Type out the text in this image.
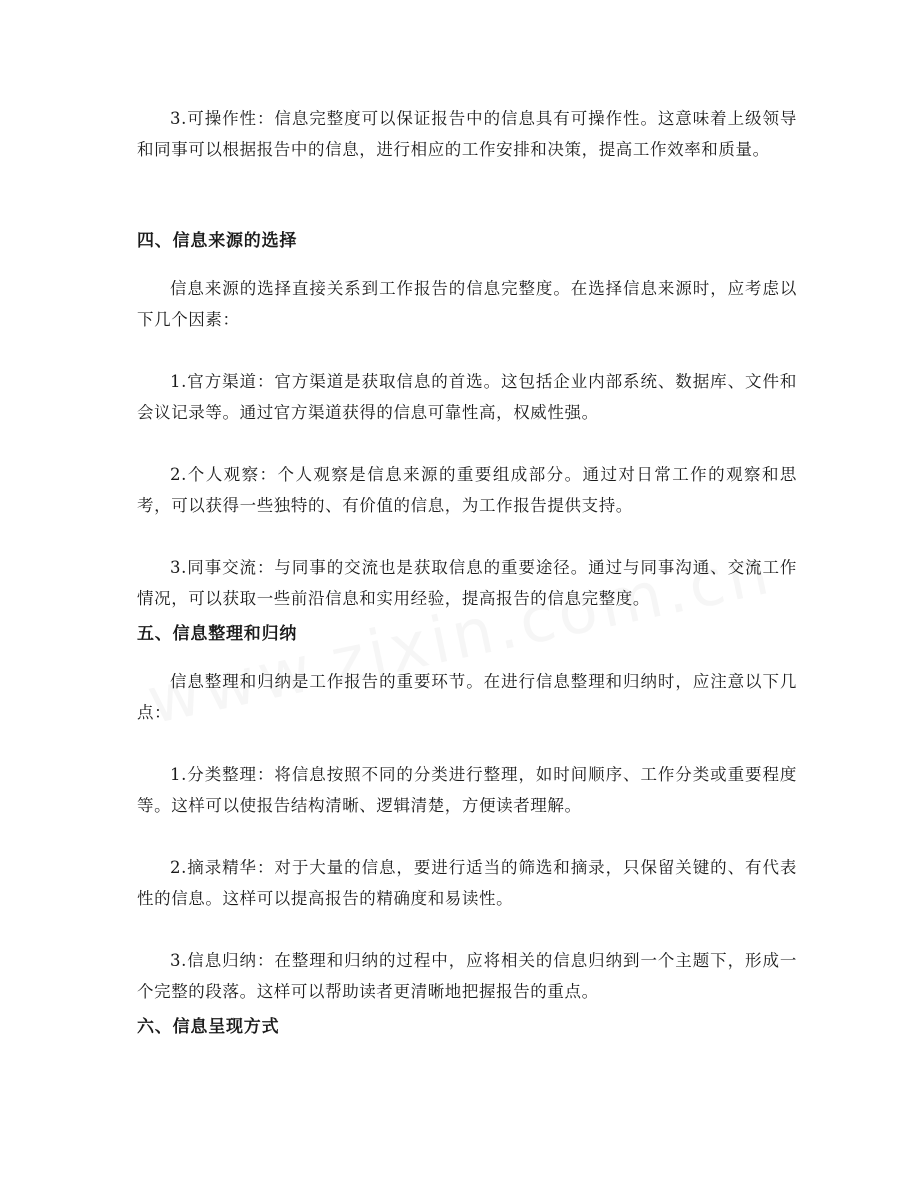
3.可操作性：信息完整度可以保证报告中的信息具有可操作性。这意味着上级领导和同事可以根据报告中的信息，进行相应的工作安排和决策，提高工作效率和质量。

四、信息来源的选择

信息来源的选择直接关系到工作报告的信息完整度。在选择信息来源时，应考虑以下几个因素：

1.官方渠道：官方渠道是获取信息的首选。这包括企业内部系统、数据库、文件和会议记录等。通过官方渠道获得的信息可靠性高，权威性强。

2.个人观察：个人观察是信息来源的重要组成部分。通过对日常工作的观察和思考，可以获得一些独特的、有价值的信息，为工作报告提供支持。

3.同事交流：与同事的交流也是获取信息的重要途径。通过与同事沟通、交流工作情况，可以获取一些前沿信息和实用经验，提高报告的信息完整度。

五、信息整理和归纳

信息整理和归纳是工作报告的重要环节。在进行信息整理和归纳时，应注意以下几点：

1.分类整理：将信息按照不同的分类进行整理，如时间顺序、工作分类或重要程度等。这样可以使报告结构清晰、逻辑清楚，方便读者理解。

2.摘录精华：对于大量的信息，要进行适当的筛选和摘录，只保留关键的、有代表性的信息。这样可以提高报告的精确度和易读性。

3.信息归纳：在整理和归纳的过程中，应将相关的信息归纳到一个主题下，形成一个完整的段落。这样可以帮助读者更清晰地把握报告的重点。

六、信息呈现方式
